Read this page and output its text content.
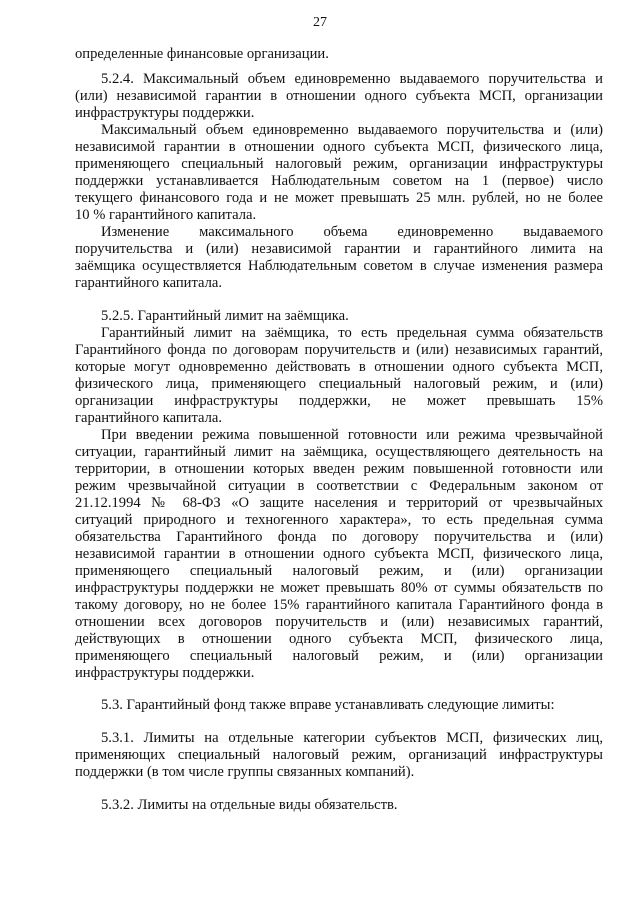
27
определенные финансовые организации.
5.2.4. Максимальный объем единовременно выдаваемого поручительства и
(или) независимой гарантии в отношении одного субъекта МСП, организации
инфраструктуры поддержки.
Максимальный объем единовременно выдаваемого поручительства и (или)
независимой гарантии в отношении одного субъекта МСП, физического лица,
применяющего специальный налоговый режим, организации инфраструктуры
поддержки устанавливается Наблюдательным советом на 1 (первое) число
текущего финансового года и не может превышать 25 млн. рублей, но не более
10 % гарантийного капитала.
Изменение максимального объема единовременно выдаваемого
поручительства и (или) независимой гарантии и гарантийного лимита на
заёмщика осуществляется Наблюдательным советом в случае изменения размера
гарантийного капитала.
5.2.5. Гарантийный лимит на заёмщика.
Гарантийный лимит на заёмщика, то есть предельная сумма обязательств
Гарантийного фонда по договорам поручительств и (или) независимых гарантий,
которые могут одновременно действовать в отношении одного субъекта МСП,
физического лица, применяющего специальный налоговый режим, и (или)
организации инфраструктуры поддержки, не может превышать 15%
гарантийного капитала.
При введении режима повышенной готовности или режима чрезвычайной
ситуации, гарантийный лимит на заёмщика, осуществляющего деятельность на
территории, в отношении которых введен режим повышенной готовности или
режим чрезвычайной ситуации в соответствии с Федеральным законом от
21.12.1994 № 68-ФЗ «О защите населения и территорий от чрезвычайных
ситуаций природного и техногенного характера», то есть предельная сумма
обязательства Гарантийного фонда по договору поручительства и (или)
независимой гарантии в отношении одного субъекта МСП, физического лица,
применяющего специальный налоговый режим, и (или) организации
инфраструктуры поддержки не может превышать 80% от суммы обязательств по
такому договору, но не более 15% гарантийного капитала Гарантийного фонда в
отношении всех договоров поручительств и (или) независимых гарантий,
действующих в отношении одного субъекта МСП, физического лица,
применяющего специальный налоговый режим, и (или) организации
инфраструктуры поддержки.
5.3. Гарантийный фонд также вправе устанавливать следующие лимиты:
5.3.1. Лимиты на отдельные категории субъектов МСП, физических лиц,
применяющих специальный налоговый режим, организаций инфраструктуры
поддержки (в том числе группы связанных компаний).
5.3.2. Лимиты на отдельные виды обязательств.
